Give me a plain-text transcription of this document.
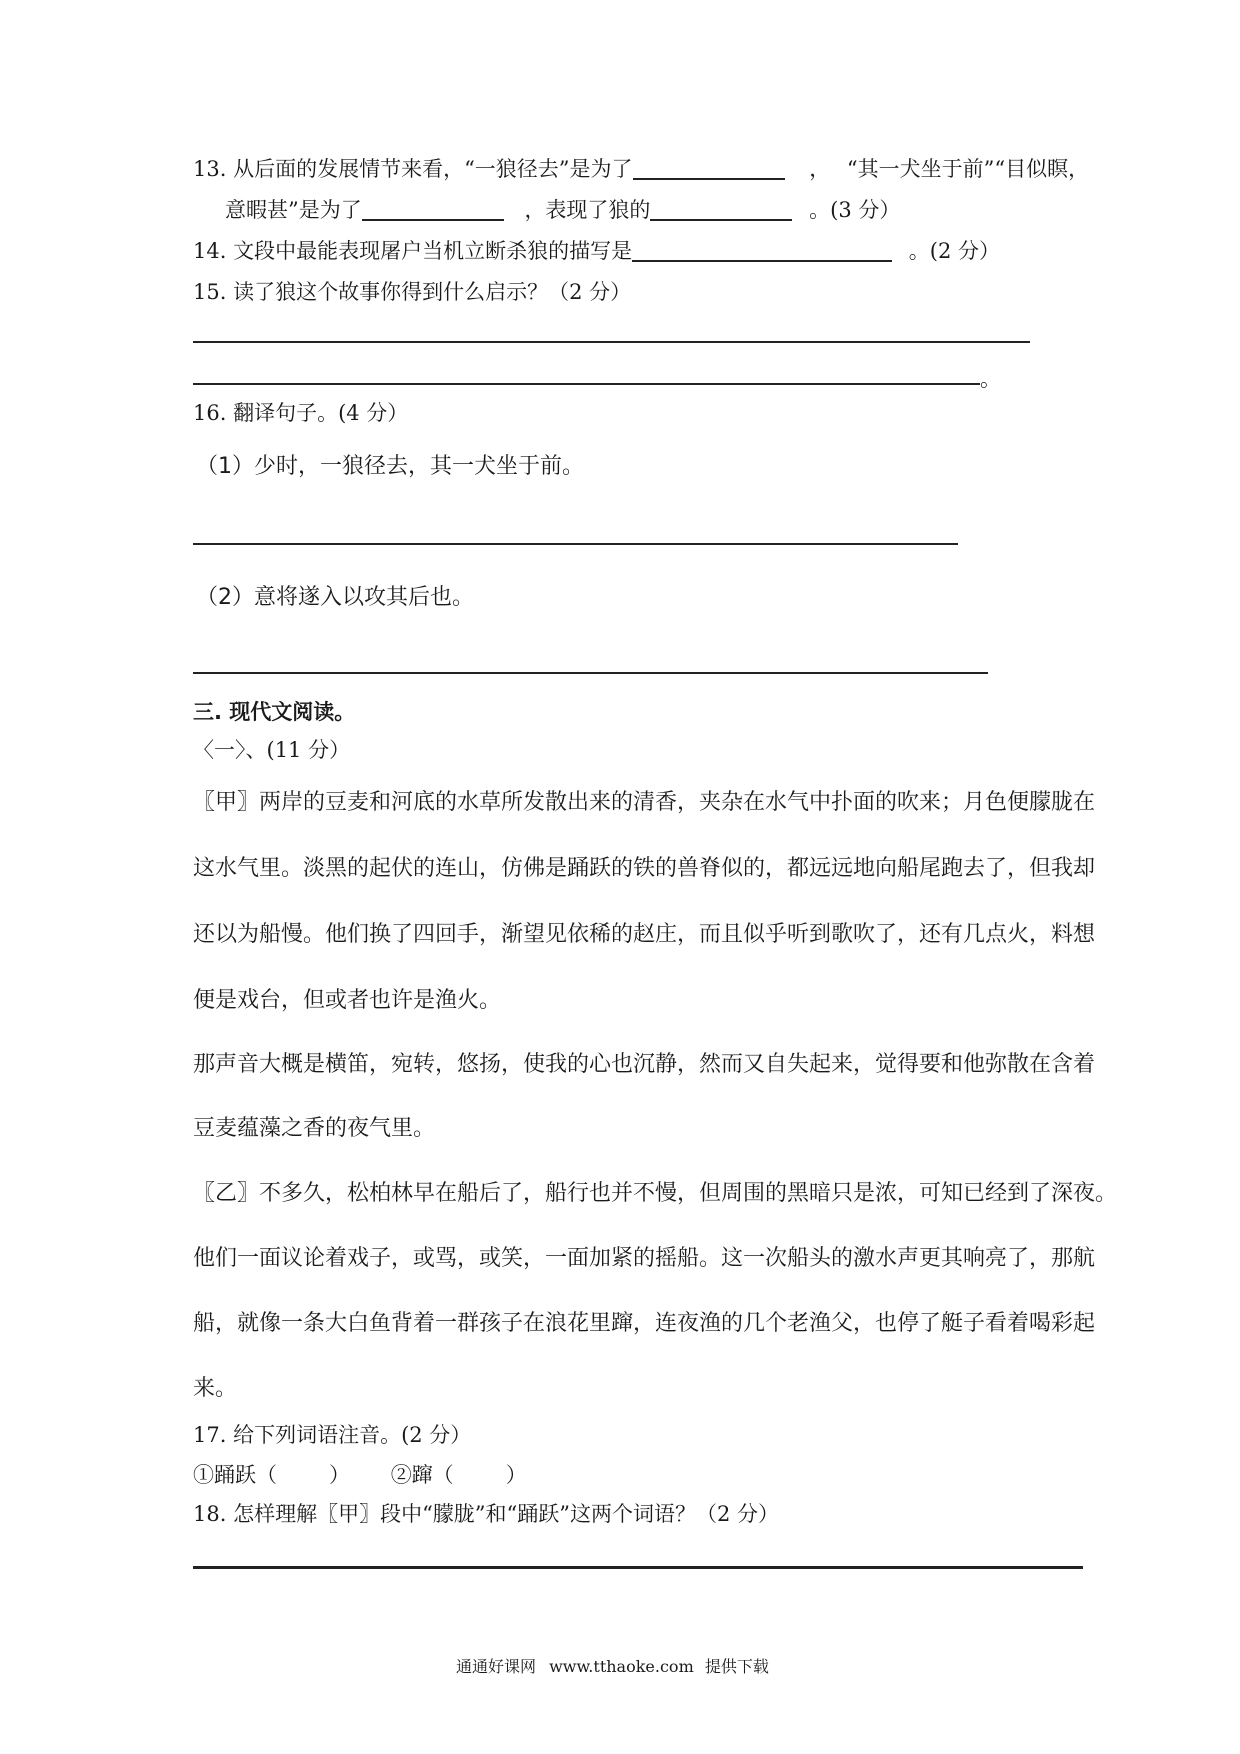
13. 从后面的发展情节来看，“一狼径去”是为了	， “其一犬坐于前”“目似瞑，
意暇甚”是为了	，表现了狼的	。(3 分）
14. 文段中最能表现屠户当机立断杀狼的描写是	。(2 分）
15. 读了狼这个故事你得到什么启示？（2 分）
。
16. 翻译句子。(4 分）
（1）少时，一狼径去，其一犬坐于前。
（2）意将遂入以攻其后也。
三. 现代文阅读。
〈一〉、(11 分）
〖甲〗两岸的豆麦和河底的水草所发散出来的清香，夹杂在水气中扑面的吹来；月色便朦胧在
这水气里。淡黑的起伏的连山，仿佛是踊跃的铁的兽脊似的，都远远地向船尾跑去了，但我却
还以为船慢。他们换了四回手，渐望见依稀的赵庄，而且似乎听到歌吹了，还有几点火，料想
便是戏台，但或者也许是渔火。
那声音大概是横笛，宛转，悠扬，使我的心也沉静，然而又自失起来，觉得要和他弥散在含着
豆麦蕴藻之香的夜气里。
〖乙〗不多久，松柏林早在船后了，船行也并不慢，但周围的黑暗只是浓，可知已经到了深夜。
他们一面议论着戏子，或骂，或笑，一面加紧的摇船。这一次船头的激水声更其响亮了，那航
船，就像一条大白鱼背着一群孩子在浪花里蹿，连夜渔的几个老渔父，也停了艇子看着喝彩起
来。
17. 给下列词语注音。(2 分）
①踊跃（ ） ②蹿（ ）
18. 怎样理解〖甲〗段中“朦胧”和“踊跃”这两个词语？（2 分）
通通好课网 www.tthaoke.com 提供下载
